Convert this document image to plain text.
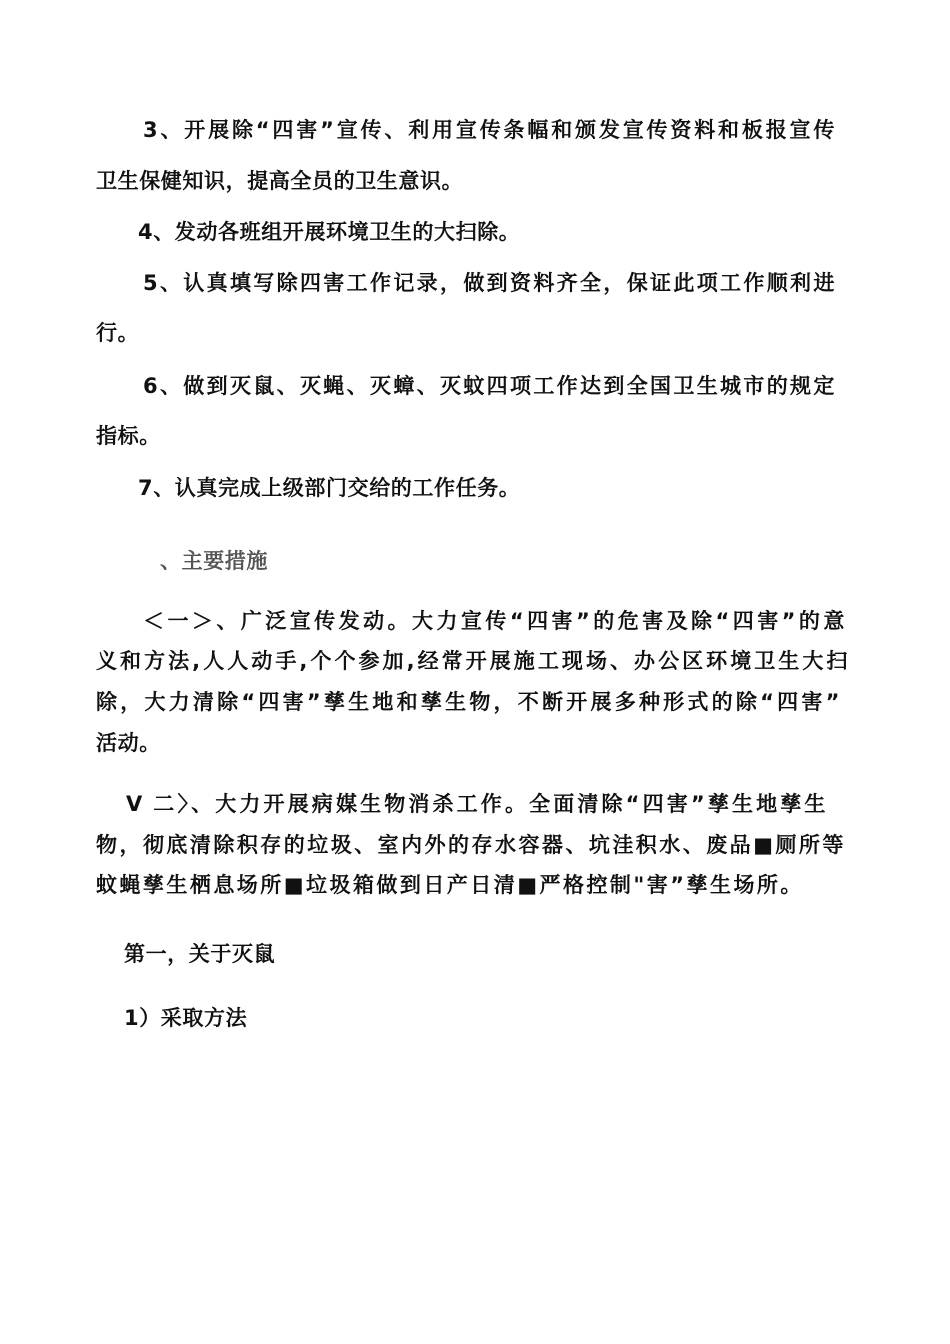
3、开展除“四害”宣传、利用宣传条幅和颁发宣传资料和板报宣传
卫生保健知识，提高全员的卫生意识。
4、发动各班组开展环境卫生的大扫除。
5、认真填写除四害工作记录，做到资料齐全，保证此项工作顺利进
行。
6、做到灭鼠、灭蝇、灭蟑、灭蚊四项工作达到全国卫生城市的规定
指标。
7、认真完成上级部门交给的工作任务。
、主要措施
＜一＞、广泛宣传发动。大力宣传“四害”的危害及除“四害”的意
义和方法,人人动手,个个参加,经常开展施工现场、办公区环境卫生大扫
除，大力清除“四害”孳生地和孳生物，不断开展多种形式的除“四害”
活动。
V 二〉、大力开展病媒生物消杀工作。全面清除“四害”孳生地孳生
物，彻底清除积存的垃圾、室内外的存水容器、坑洼积水、废品■厕所等
蚊蝇孳生栖息场所■垃圾箱做到日产日清■严格控制"害”孳生场所。
第一，关于灭鼠
1）采取方法
